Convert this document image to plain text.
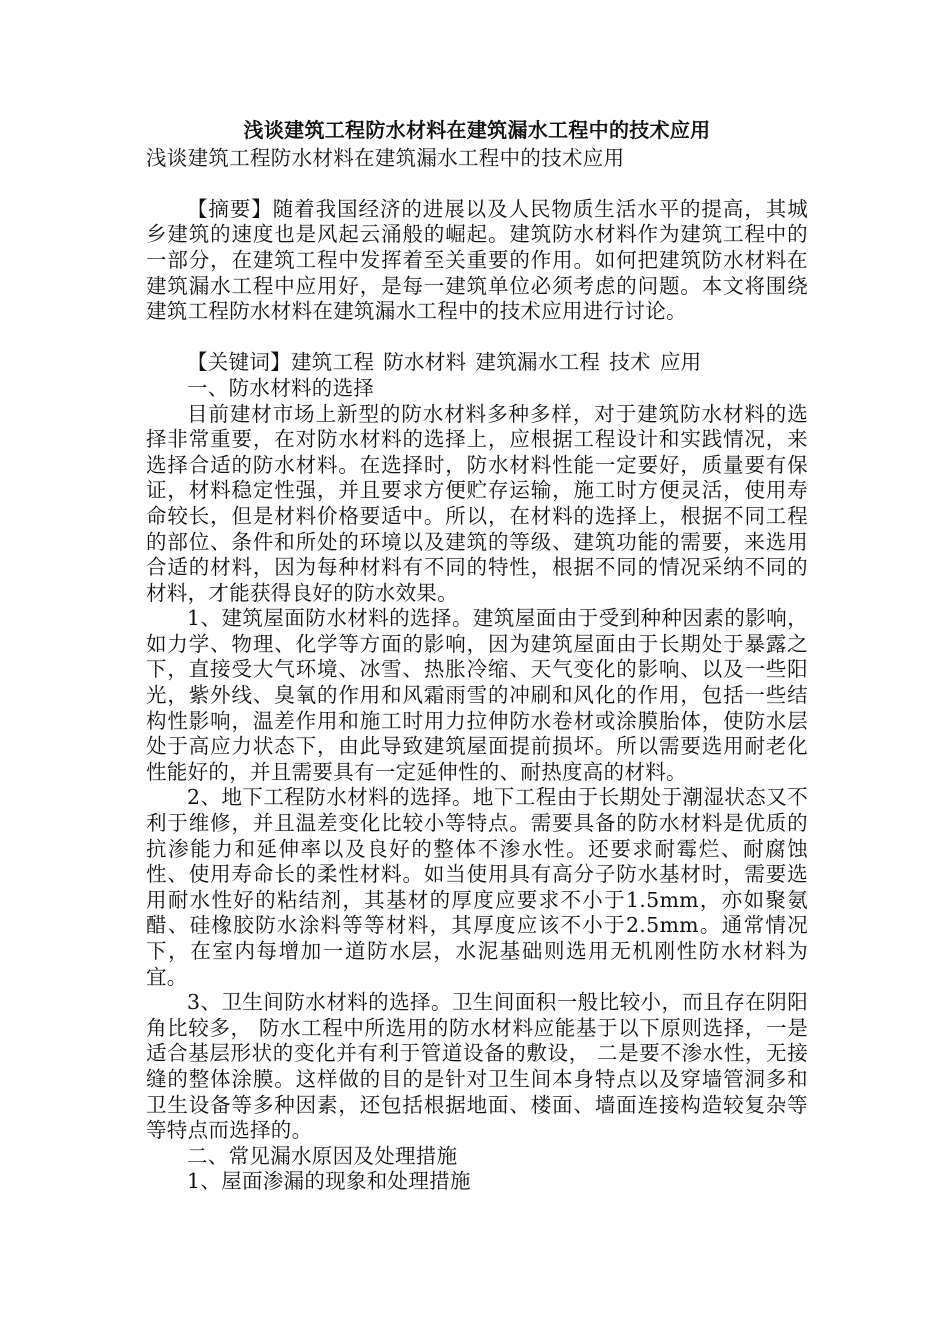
浅谈建筑工程防水材料在建筑漏水工程中的技术应用

浅谈建筑工程防水材料在建筑漏水工程中的技术应用

【摘要】随着我国经济的进展以及人民物质生活水平的提高，其城乡建筑的速度也是风起云涌般的崛起。建筑防水材料作为建筑工程中的一部分，在建筑工程中发挥着至关重要的作用。如何把建筑防水材料在建筑漏水工程中应用好，是每一建筑单位必须考虑的问题。本文将围绕建筑工程防水材料在建筑漏水工程中的技术应用进行讨论。

【关键词】建筑工程 防水材料 建筑漏水工程 技术 应用

一、防水材料的选择

目前建材市场上新型的防水材料多种多样，对于建筑防水材料的选择非常重要，在对防水材料的选择上，应根据工程设计和实践情况，来选择合适的防水材料。在选择时，防水材料性能一定要好，质量要有保证，材料稳定性强，并且要求方便贮存运输，施工时方便灵活，使用寿命较长，但是材料价格要适中。所以，在材料的选择上，根据不同工程的部位、条件和所处的环境以及建筑的等级、建筑功能的需要，来选用合适的材料，因为每种材料有不同的特性，根据不同的情况采纳不同的材料，才能获得良好的防水效果。

1、建筑屋面防水材料的选择。建筑屋面由于受到种种因素的影响，如力学、物理、化学等方面的影响，因为建筑屋面由于长期处于暴露之下，直接受大气环境、冰雪、热胀冷缩、天气变化的影响、以及一些阳光，紫外线、臭氧的作用和风霜雨雪的冲刷和风化的作用，包括一些结构性影响，温差作用和施工时用力拉伸防水卷材或涂膜胎体，使防水层处于高应力状态下，由此导致建筑屋面提前损坏。所以需要选用耐老化性能好的，并且需要具有一定延伸性的、耐热度高的材料。

2、地下工程防水材料的选择。地下工程由于长期处于潮湿状态又不利于维修，并且温差变化比较小等特点。需要具备的防水材料是优质的抗渗能力和延伸率以及良好的整体不渗水性。还要求耐霉烂、耐腐蚀性、使用寿命长的柔性材料。如当使用具有高分子防水基材时，需要选用耐水性好的粘结剂，其基材的厚度应要求不小于1.5mm，亦如聚氨醋、硅橡胶防水涂料等等材料，其厚度应该不小于2.5mm。通常情况下，在室内每增加一道防水层，水泥基础则选用无机刚性防水材料为宜。

3、卫生间防水材料的选择。卫生间面积一般比较小，而且存在阴阳角比较多， 防水工程中所选用的防水材料应能基于以下原则选择，一是适合基层形状的变化并有利于管道设备的敷设， 二是要不渗水性，无接缝的整体涂膜。这样做的目的是针对卫生间本身特点以及穿墙管洞多和卫生设备等多种因素，还包括根据地面、楼面、墙面连接构造较复杂等等特点而选择的。

二、常见漏水原因及处理措施

1、屋面渗漏的现象和处理措施
